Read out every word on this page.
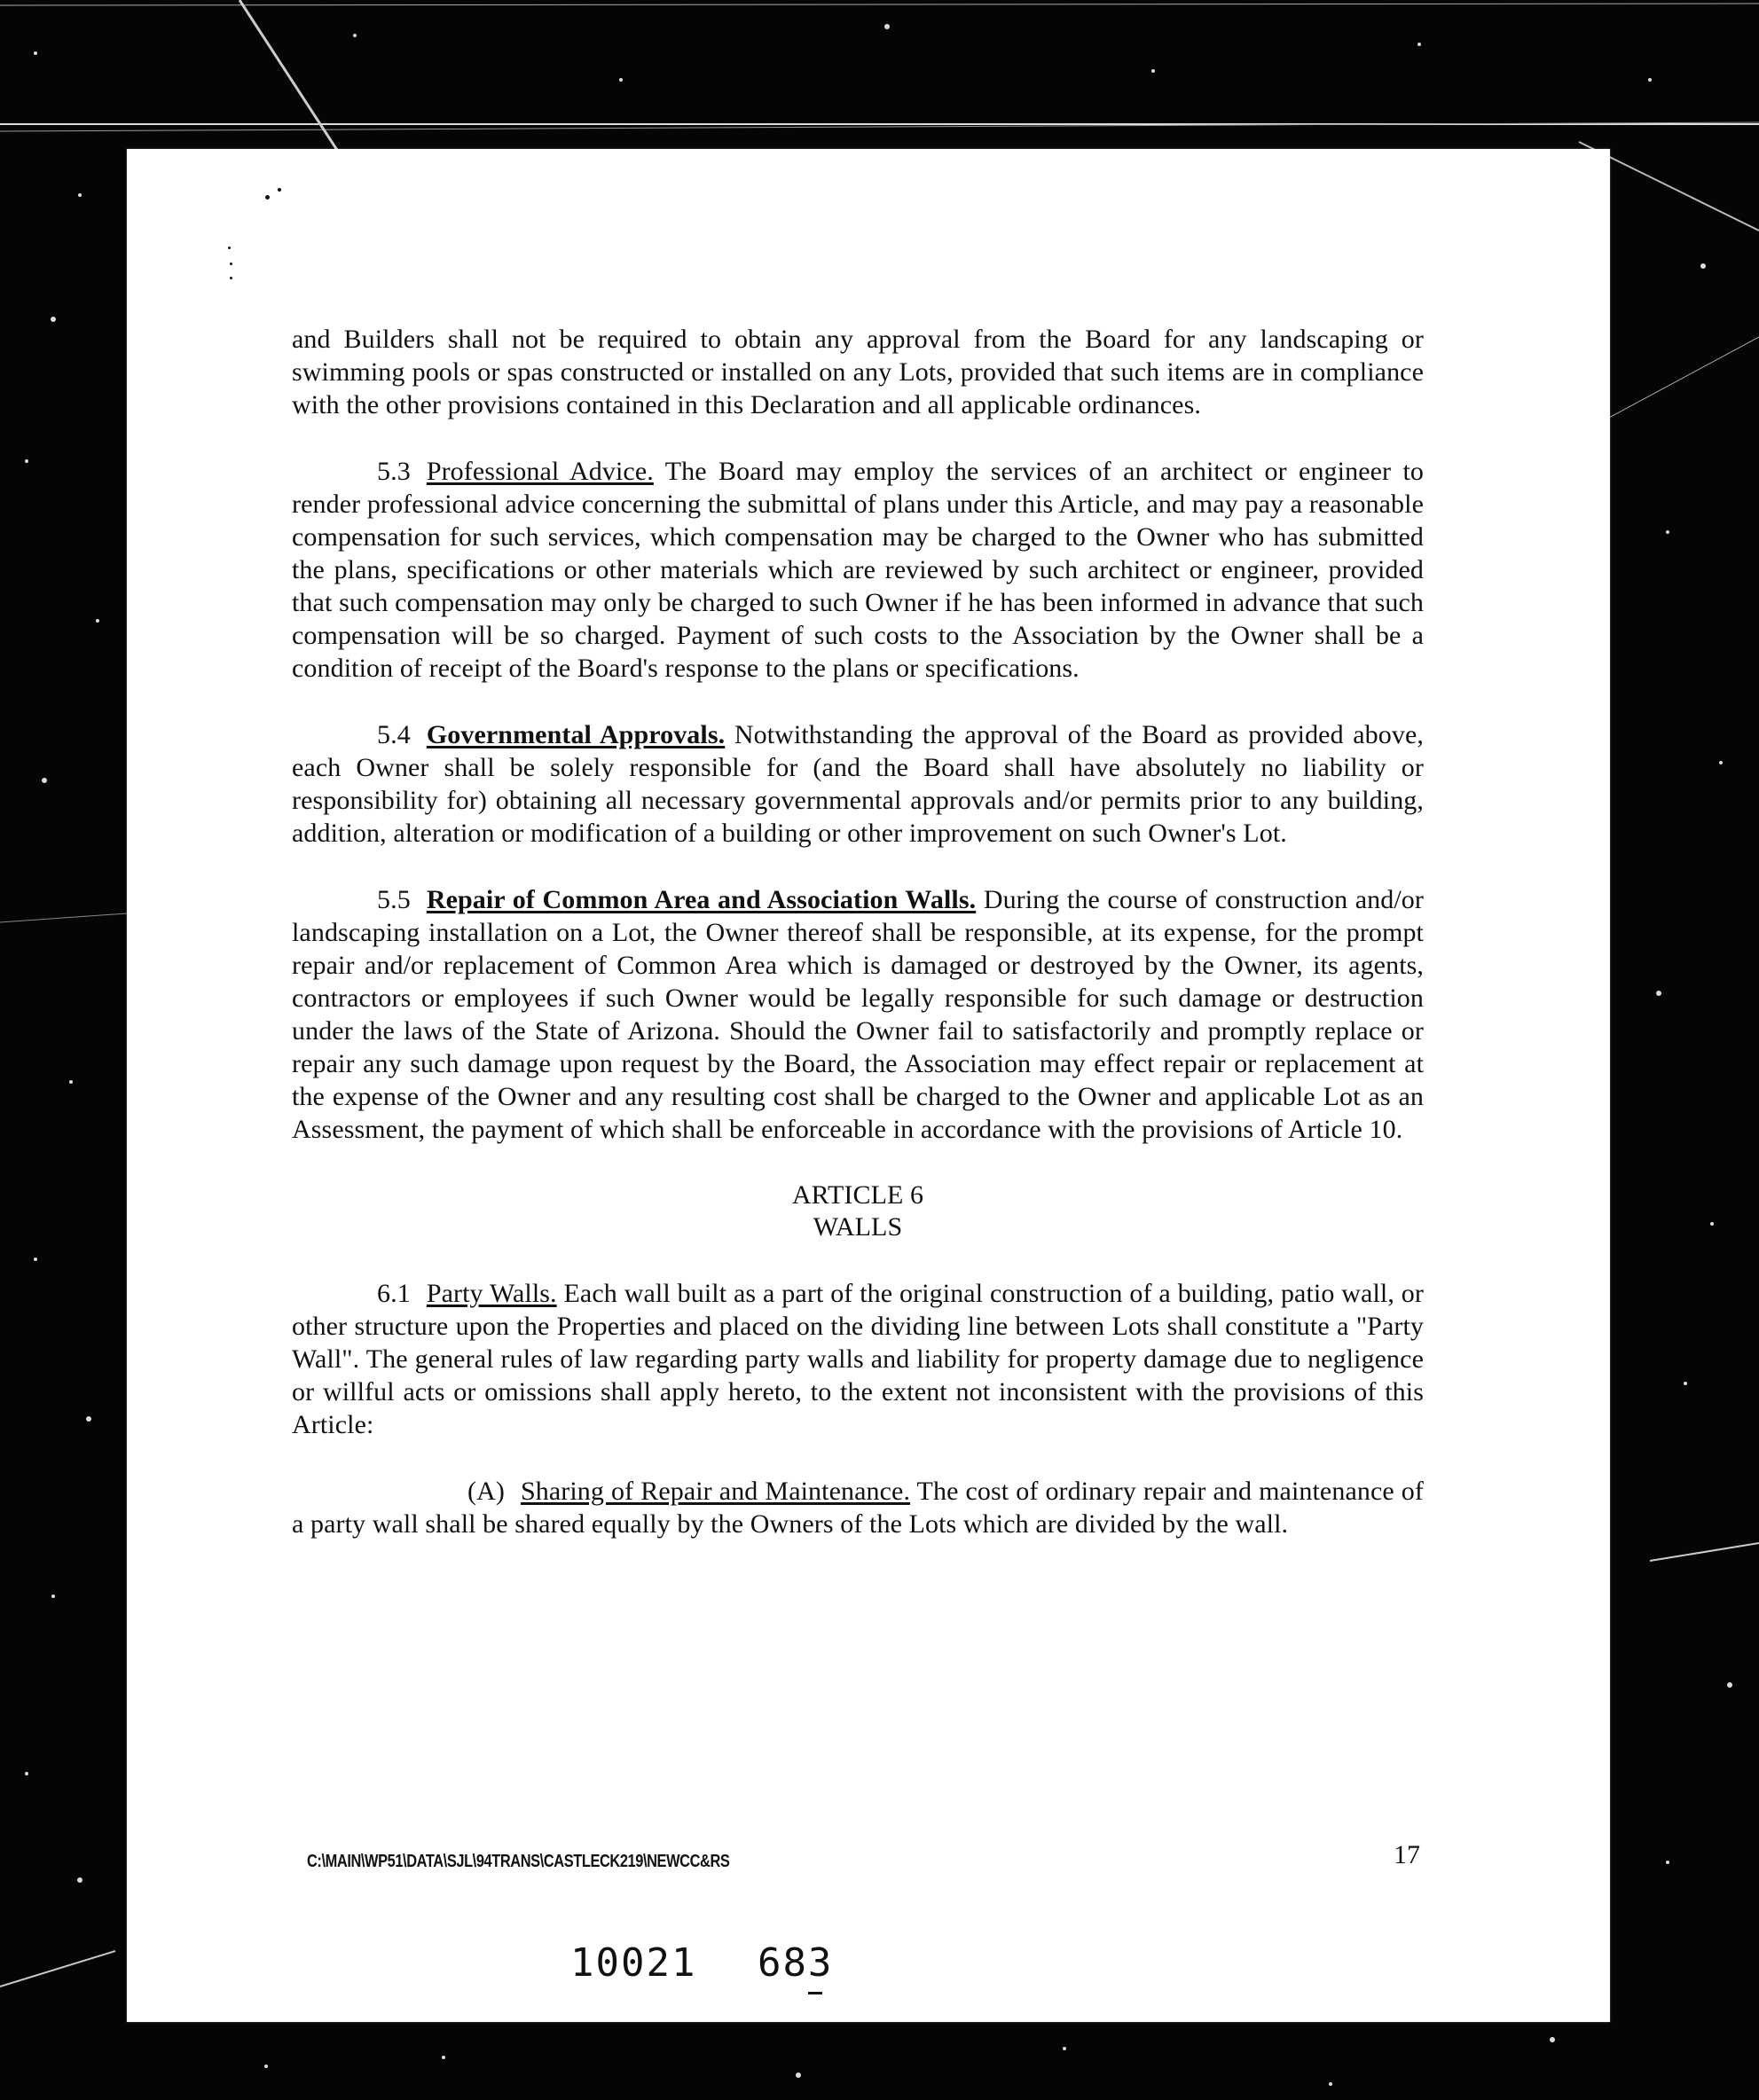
and Builders shall not be required to obtain any approval from the Board for any landscaping or swimming pools or spas constructed or installed on any Lots, provided that such items are in compliance with the other provisions contained in this Declaration and all applicable ordinances.

5.3 Professional Advice. The Board may employ the services of an architect or engineer to render professional advice concerning the submittal of plans under this Article, and may pay a reasonable compensation for such services, which compensation may be charged to the Owner who has submitted the plans, specifications or other materials which are reviewed by such architect or engineer, provided that such compensation may only be charged to such Owner if he has been informed in advance that such compensation will be so charged. Payment of such costs to the Association by the Owner shall be a condition of receipt of the Board's response to the plans or specifications.

5.4 Governmental Approvals. Notwithstanding the approval of the Board as provided above, each Owner shall be solely responsible for (and the Board shall have absolutely no liability or responsibility for) obtaining all necessary governmental approvals and/or permits prior to any building, addition, alteration or modification of a building or other improvement on such Owner's Lot.

5.5 Repair of Common Area and Association Walls. During the course of construction and/or landscaping installation on a Lot, the Owner thereof shall be responsible, at its expense, for the prompt repair and/or replacement of Common Area which is damaged or destroyed by the Owner, its agents, contractors or employees if such Owner would be legally responsible for such damage or destruction under the laws of the State of Arizona. Should the Owner fail to satisfactorily and promptly replace or repair any such damage upon request by the Board, the Association may effect repair or replacement at the expense of the Owner and any resulting cost shall be charged to the Owner and applicable Lot as an Assessment, the payment of which shall be enforceable in accordance with the provisions of Article 10.

ARTICLE 6
WALLS

6.1 Party Walls. Each wall built as a part of the original construction of a building, patio wall, or other structure upon the Properties and placed on the dividing line between Lots shall constitute a "Party Wall". The general rules of law regarding party walls and liability for property damage due to negligence or willful acts or omissions shall apply hereto, to the extent not inconsistent with the provisions of this Article:

(A) Sharing of Repair and Maintenance. The cost of ordinary repair and maintenance of a party wall shall be shared equally by the Owners of the Lots which are divided by the wall.

C:\MAIN\WP51\DATA\SJL\94TRANS\CASTLECK219\NEWCC&RS	17
10021 683
